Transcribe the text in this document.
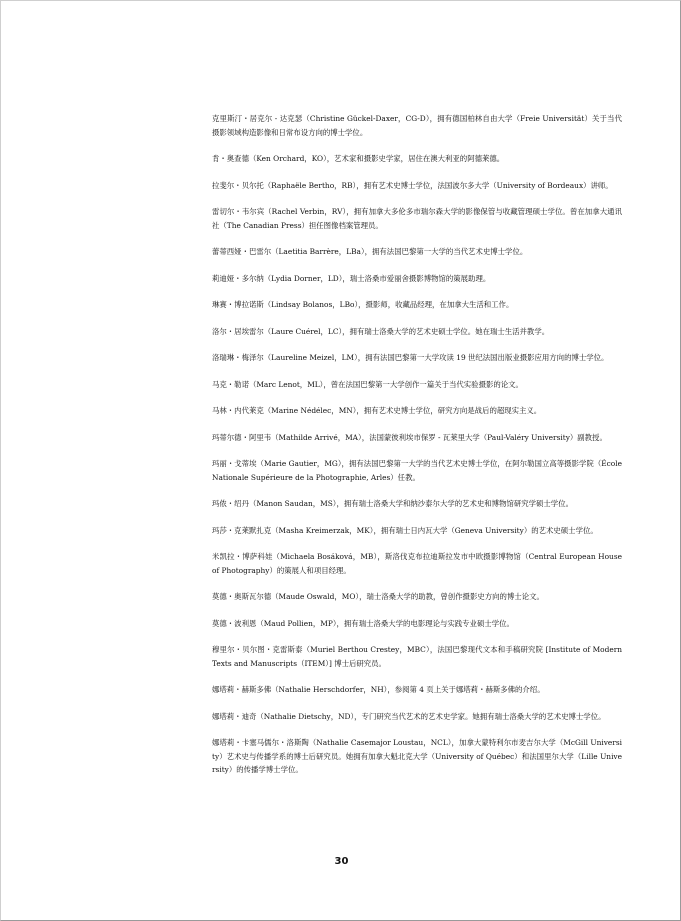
克里斯汀・居克尔 - 达克瑟（Christine Gückel-Daxer，CG-D），拥有德国柏林自由大学（Freie Universität）关于当代摄影领域构造影像和日常布设方向的博士学位。

肯・奥查德（Ken Orchard，KO），艺术家和摄影史学家，居住在澳大利亚的阿德莱德。

拉斐尔・贝尔托（Raphaële Bertho，RB），拥有艺术史博士学位，法国波尔多大学（University of Bordeaux）讲师。

雷切尔・韦尔宾（Rachel Verbin，RV），拥有加拿大多伦多市瑞尔森大学的影像保管与收藏管理硕士学位。曾在加拿大通讯社（The Canadian Press）担任图像档案管理员。

蕾蒂西娅・巴雷尔（Laetitia Barrère，LBa），拥有法国巴黎第一大学的当代艺术史博士学位。

莉迪娅・多尔纳（Lydia Dorner，LD），瑞士洛桑市爱丽舍摄影博物馆的策展助理。

琳赛・博拉诺斯（Lindsay Bolanos，LBo），摄影师，收藏品经理，在加拿大生活和工作。

洛尔・居埃雷尔（Laure Cuérel，LC），拥有瑞士洛桑大学的艺术史硕士学位。她在瑞士生活并教学。

洛瑞琳・梅泽尔（Laureline Meizel，LM），拥有法国巴黎第一大学攻读 19 世纪法国出版业摄影应用方向的博士学位。

马克・勒诺（Marc Lenot，ML），曾在法国巴黎第一大学创作一篇关于当代实验摄影的论文。

马林・内代莱克（Marine Nédélec，MN），拥有艺术史博士学位，研究方向是战后的超现实主义。

玛蒂尔德・阿里韦（Mathilde Arrivé，MA），法国蒙彼利埃市保罗 - 瓦莱里大学（Paul-Valéry University）副教授。

玛丽・戈蒂埃（Marie Gautier，MG），拥有法国巴黎第一大学的当代艺术史博士学位，在阿尔勒国立高等摄影学院（École Nationale Supérieure de la Photographie, Arles）任教。

玛侬・绍丹（Manon Saudan，MS），拥有瑞士洛桑大学和纳沙泰尔大学的艺术史和博物馆研究学硕士学位。

玛莎・克莱默扎克（Masha Kreimerzak，MK），拥有瑞士日内瓦大学（Geneva University）的艺术史硕士学位。

米凯拉・博萨科娃（Michaela Bosáková，MB），斯洛伐克布拉迪斯拉发市中欧摄影博物馆（Central European House of Photography）的策展人和项目经理。

莫德・奥斯瓦尔德（Maude Oswald，MO），瑞士洛桑大学的助教，曾创作摄影史方向的博士论文。

莫德・波利恩（Maud Pollien，MP），拥有瑞士洛桑大学的电影理论与实践专业硕士学位。

穆里尔・贝尔图・克雷斯泰（Muriel Berthou Crestey，MBC），法国巴黎现代文本和手稿研究院 [Institute of Modern Texts and Manuscripts（ITEM）] 博士后研究员。

娜塔莉・赫斯多佛（Nathalie Herschdorfer，NH），参阅第 4 页上关于娜塔莉・赫斯多佛的介绍。

娜塔莉・迪奇（Nathalie Dietschy，ND），专门研究当代艺术的艺术史学家。她拥有瑞士洛桑大学的艺术史博士学位。

娜塔莉・卡塞马儒尔・洛斯陶（Nathalie Casemajor Loustau，NCL），加拿大蒙特利尔市麦吉尔大学（McGill University）艺术史与传播学系的博士后研究员。她拥有加拿大魁北克大学（University of Québec）和法国里尔大学（Lille University）的传播学博士学位。

30
